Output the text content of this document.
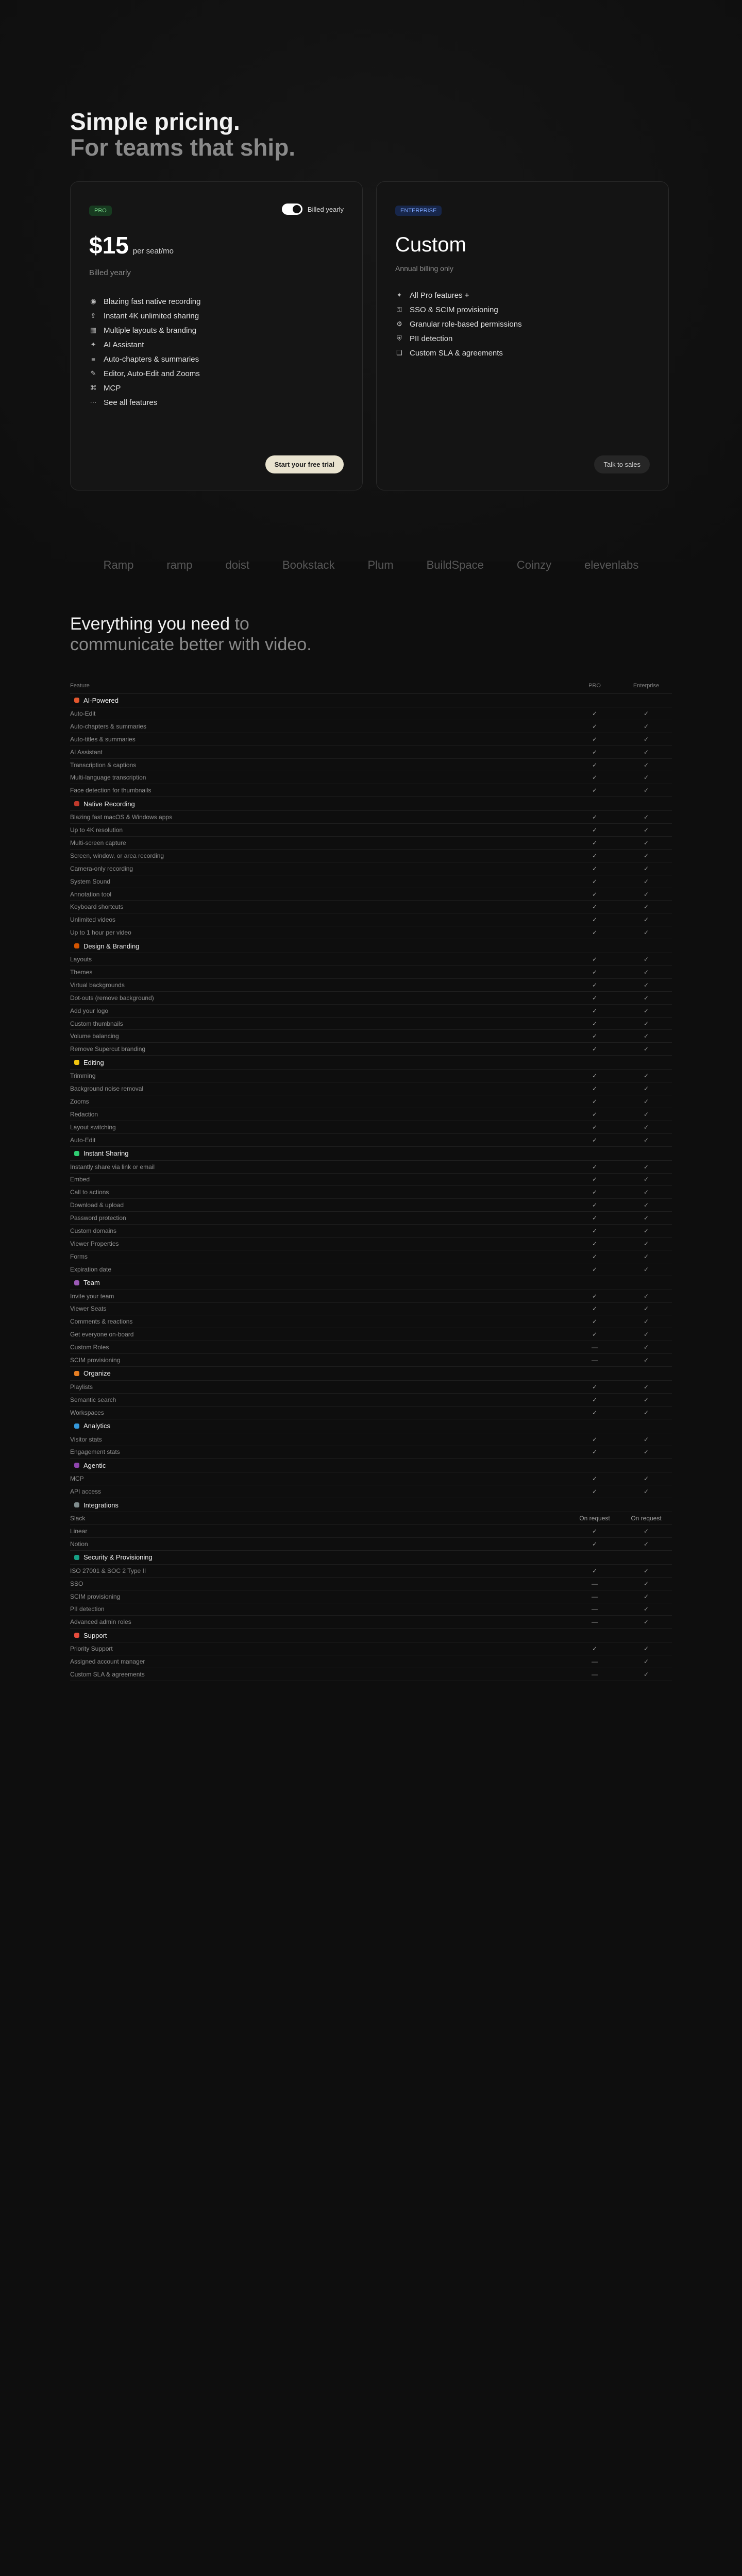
Simple pricing.
For teams that ship.
PRO	Billed yearly
$15 per seat/mo
Billed yearly
◉ Blazing fast native recording
⇪ Instant 4K unlimited sharing
▦ Multiple layouts & branding
✦ AI Assistant
≡ Auto-chapters & summaries
✎ Editor, Auto-Edit and Zooms
⌘ MCP
⋯ See all features
Start your free trial
ENTERPRISE
Custom
Annual billing only
✦ All Pro features +
⚿ SSO & SCIM provisioning
⚙ Granular role-based permissions
⛨ PII detection
❏ Custom SLA & agreements
Talk to sales
Ramp	ramp	doist	Bookstack	Plum	BuildSpace	Coinzy	elevenlabs
Everything you need to
communicate better with video.
Feature	PRO	Enterprise
AI-Powered
Auto-Edit	✓	✓
Auto-chapters & summaries	✓	✓
Auto-titles & summaries	✓	✓
AI Assistant	✓	✓
Transcription & captions	✓	✓
Multi-language transcription	✓	✓
Face detection for thumbnails	✓	✓
Native Recording
Blazing fast macOS & Windows apps	✓	✓
Up to 4K resolution	✓	✓
Multi-screen capture	✓	✓
Screen, window, or area recording	✓	✓
Camera-only recording	✓	✓
System Sound	✓	✓
Annotation tool	✓	✓
Keyboard shortcuts	✓	✓
Unlimited videos	✓	✓
Up to 1 hour per video	✓	✓
Design & Branding
Layouts	✓	✓
Themes	✓	✓
Virtual backgrounds	✓	✓
Dot-outs (remove background)	✓	✓
Add your logo	✓	✓
Custom thumbnails	✓	✓
Volume balancing	✓	✓
Remove Supercut branding	✓	✓
Editing
Trimming	✓	✓
Background noise removal	✓	✓
Zooms	✓	✓
Redaction	✓	✓
Layout switching	✓	✓
Auto-Edit	✓	✓
Instant Sharing
Instantly share via link or email	✓	✓
Embed	✓	✓
Call to actions	✓	✓
Download & upload	✓	✓
Password protection	✓	✓
Custom domains	✓	✓
Viewer Properties	✓	✓
Forms	✓	✓
Expiration date	✓	✓
Team
Invite your team	✓	✓
Viewer Seats	✓	✓
Comments & reactions	✓	✓
Get everyone on-board	✓	✓
Custom Roles	—	✓
SCIM provisioning	—	✓
Organize
Playlists	✓	✓
Semantic search	✓	✓
Workspaces	✓	✓
Analytics
Visitor stats	✓	✓
Engagement stats	✓	✓
Agentic
MCP	✓	✓
API access	✓	✓
Integrations
Slack	On request	On request
Linear	✓	✓
Notion	✓	✓
Security & Provisioning
ISO 27001 & SOC 2 Type II	✓	✓
SSO	—	✓
SCIM provisioning	—	✓
PII detection	—	✓
Advanced admin roles	—	✓
Support
Priority Support	✓	✓
Assigned account manager	—	✓
Custom SLA & agreements	—	✓
